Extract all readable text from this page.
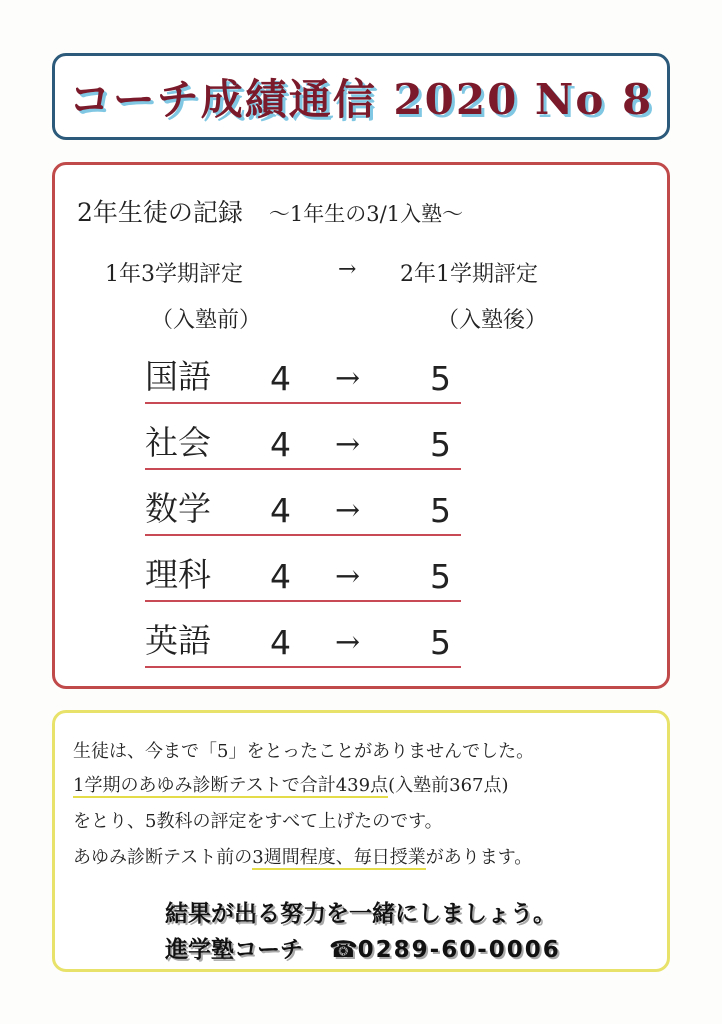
コーチ成績通信 2020 No 8
2年生徒の記録 ～1年生の3/1入塾～
1年3学期評定	→ 2年1学期評定
（入塾前）	（入塾後）
国語 4 → 5
社会 4 → 5
数学 4 → 5
理科 4 → 5
英語 4 → 5
生徒は、今まで「5」をとったことがありませんでした。
1学期のあゆみ診断テストで合計439点(入塾前367点)
をとり、5教科の評定をすべて上げたのです。
あゆみ診断テスト前の3週間程度、毎日授業があります。
結果が出る努力を一緒にしましょう。
進学塾コーチ ☎0289-60-0006
